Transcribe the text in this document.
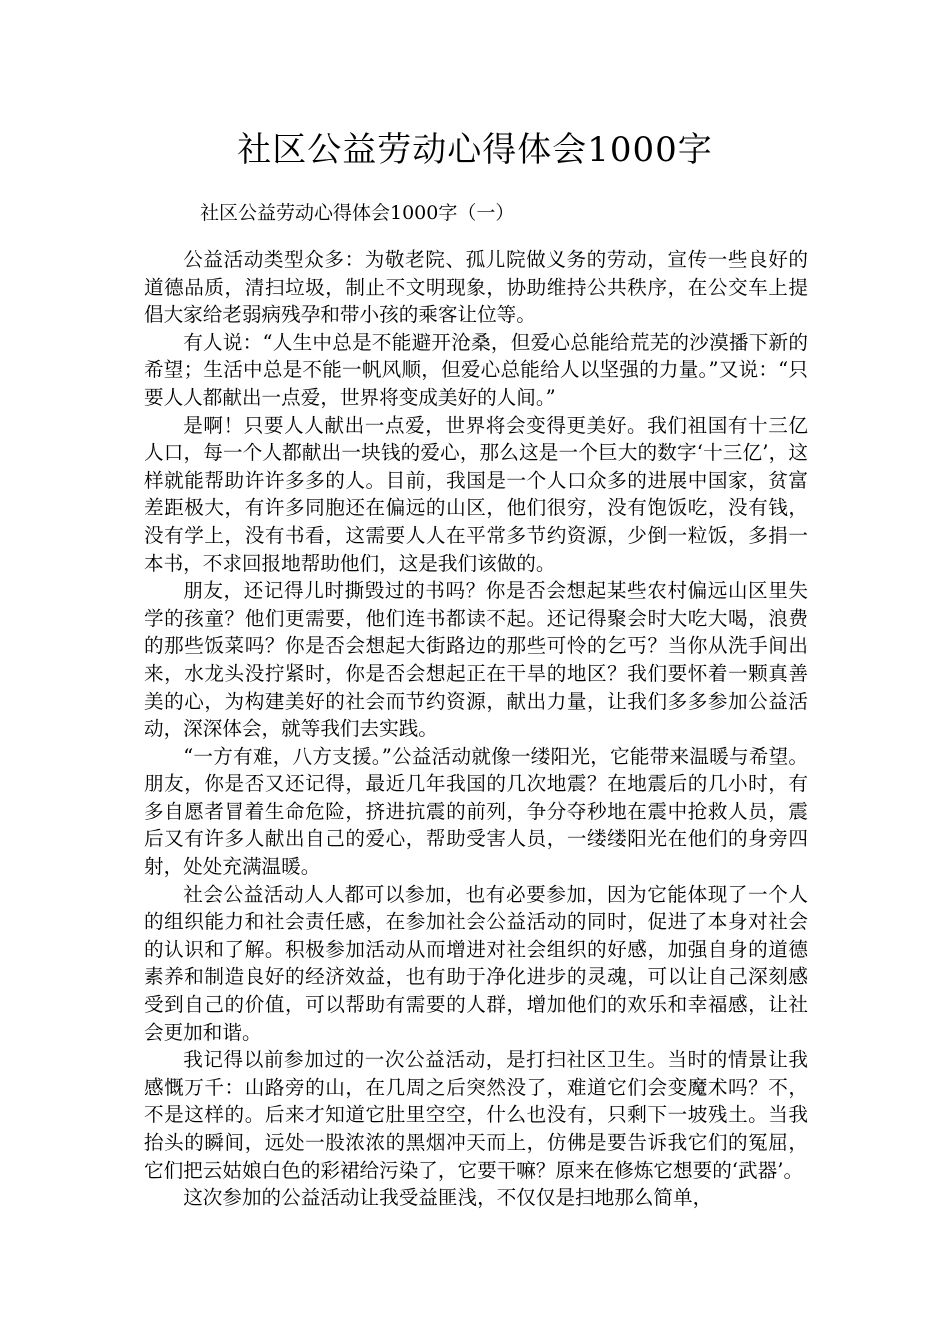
社区公益劳动心得体会1000字
社区公益劳动心得体会1000字（一）

公益活动类型众多：为敬老院、孤儿院做义务的劳动，宣传一些良好的道德品质，清扫垃圾，制止不文明现象，协助维持公共秩序，在公交车上提倡大家给老弱病残孕和带小孩的乘客让位等。

有人说：“人生中总是不能避开沧桑，但爱心总能给荒芜的沙漠播下新的希望；生活中总是不能一帆风顺，但爱心总能给人以坚强的力量。”又说：“只要人人都献出一点爱，世界将变成美好的人间。”

是啊！只要人人献出一点爱，世界将会变得更美好。我们祖国有十三亿人口，每一个人都献出一块钱的爱心，那么这是一个巨大的数字‘十三亿’，这样就能帮助许许多多的人。目前，我国是一个人口众多的进展中国家，贫富差距极大，有许多同胞还在偏远的山区，他们很穷，没有饱饭吃，没有钱，没有学上，没有书看，这需要人人在平常多节约资源，少倒一粒饭，多捐一本书，不求回报地帮助他们，这是我们该做的。

朋友，还记得儿时撕毁过的书吗？你是否会想起某些农村偏远山区里失学的孩童？他们更需要，他们连书都读不起。还记得聚会时大吃大喝，浪费的那些饭菜吗？你是否会想起大街路边的那些可怜的乞丐？当你从洗手间出来，水龙头没拧紧时，你是否会想起正在干旱的地区？我们要怀着一颗真善美的心，为构建美好的社会而节约资源，献出力量，让我们多多参加公益活动，深深体会，就等我们去实践。

“一方有难，八方支援。”公益活动就像一缕阳光，它能带来温暖与希望。朋友，你是否又还记得，最近几年我国的几次地震？在地震后的几小时，有多自愿者冒着生命危险，挤进抗震的前列，争分夺秒地在震中抢救人员，震后又有许多人献出自己的爱心，帮助受害人员，一缕缕阳光在他们的身旁四射，处处充满温暖。

社会公益活动人人都可以参加，也有必要参加，因为它能体现了一个人的组织能力和社会责任感，在参加社会公益活动的同时，促进了本身对社会的认识和了解。积极参加活动从而增进对社会组织的好感，加强自身的道德素养和制造良好的经济效益，也有助于净化进步的灵魂，可以让自己深刻感受到自己的价值，可以帮助有需要的人群，增加他们的欢乐和幸福感，让社会更加和谐。

我记得以前参加过的一次公益活动，是打扫社区卫生。当时的情景让我感慨万千：山路旁的山，在几周之后突然没了，难道它们会变魔术吗？不，不是这样的。后来才知道它肚里空空，什么也没有，只剩下一坡残土。当我抬头的瞬间，远处一股浓浓的黑烟冲天而上，仿佛是要告诉我它们的冤屈，它们把云姑娘白色的彩裙给污染了，它要干嘛？原来在修炼它想要的‘武器’。

这次参加的公益活动让我受益匪浅，不仅仅是扫地那么简单，
